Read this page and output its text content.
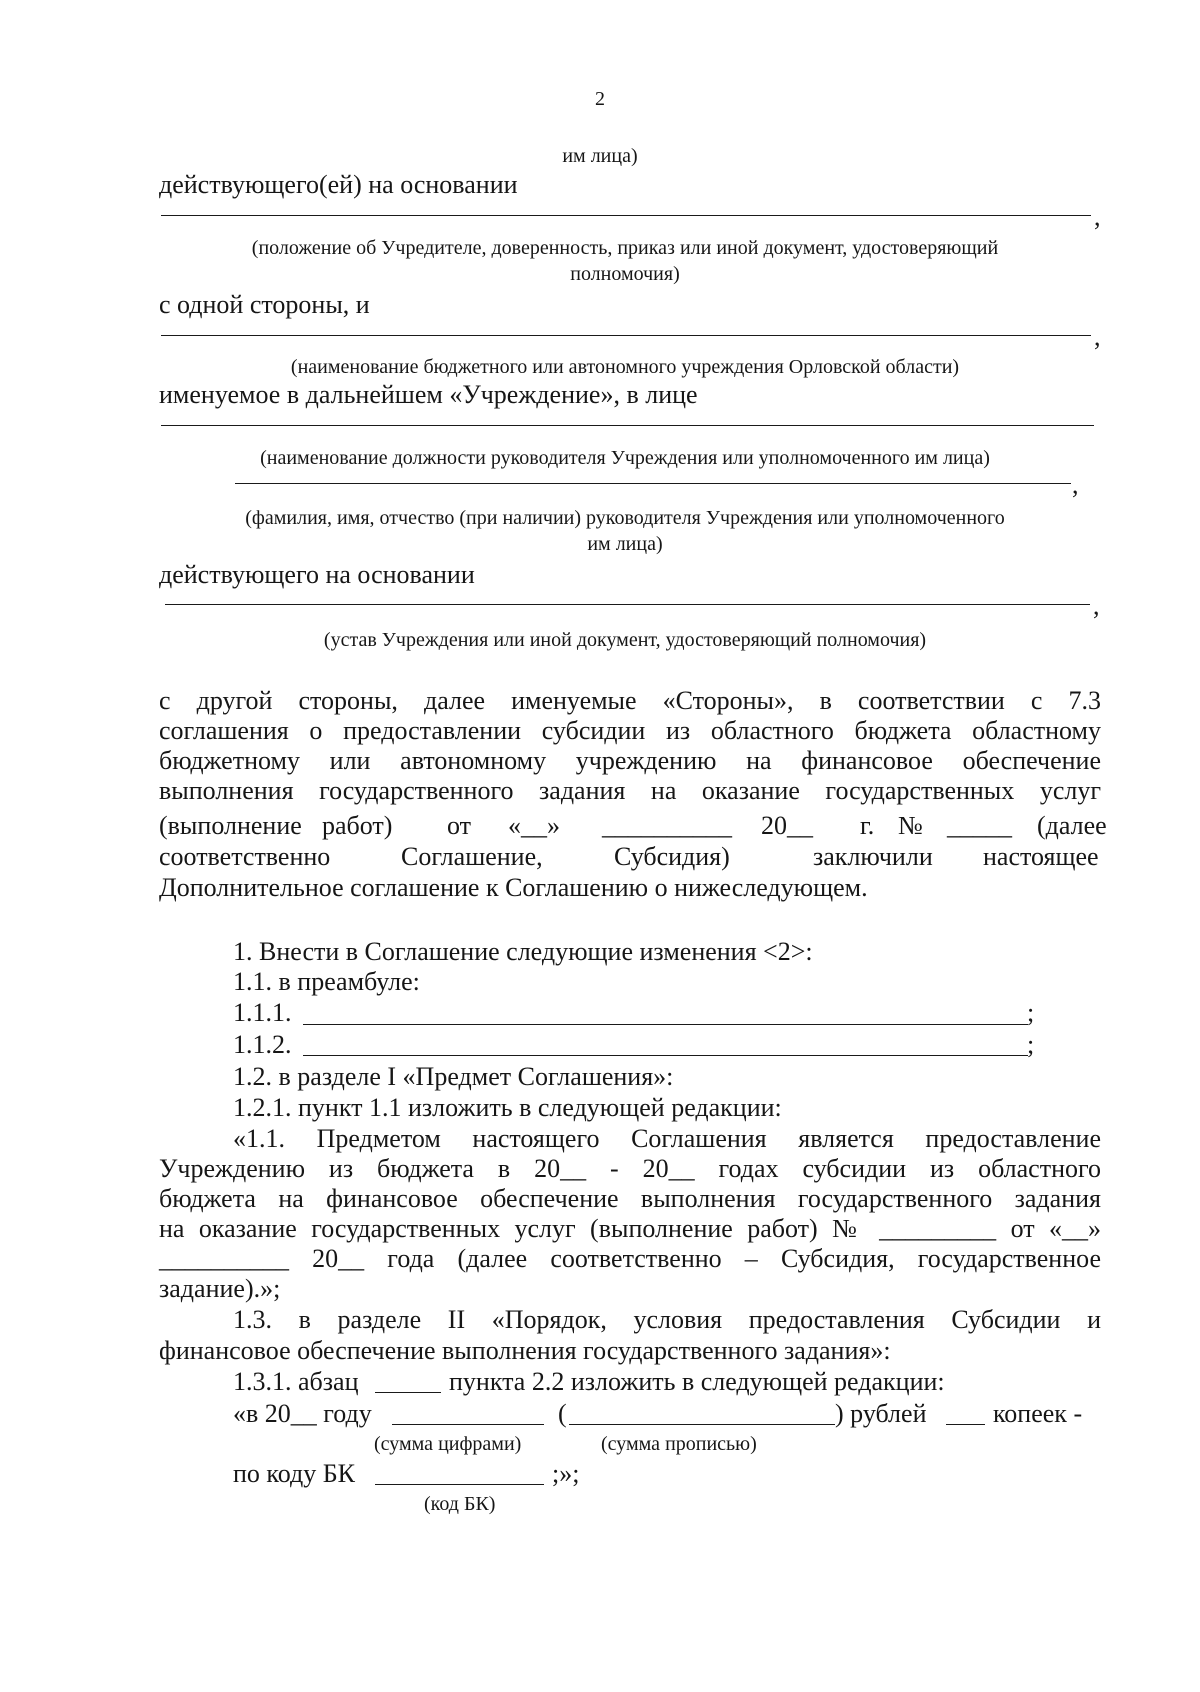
2
им лица)
действующего(ей) на основании
,
(положение об Учредителе, доверенность, приказ или иной документ, удостоверяющий
полномочия)
с одной стороны, и
,
(наименование бюджетного или автономного учреждения Орловской области)
именуемое в дальнейшем «Учреждение», в лице
(наименование должности руководителя Учреждения или уполномоченного им лица)
,
(фамилия, имя, отчество (при наличии) руководителя Учреждения или уполномоченного
им лица)
действующего на основании
,
(устав Учреждения или иной документ, удостоверяющий полномочия)
с другой стороны, далее именуемые «Стороны», в соответствии с 7.3
соглашения о предоставлении субсидии из областного бюджета областному
бюджетному или автономному учреждению на финансовое обеспечение
выполнения государственного задания на оказание государственных услуг
(выполнение работ) от «__» __________ 20__ г. № _____ (далее
соответственно	Соглашение,	Субсидия)	заключили настоящее
Дополнительное соглашение к Соглашению о нижеследующем.
1. Внести в Соглашение следующие изменения <2>:
1.1. в преамбуле:
1.1.1.	;
1.1.2.	;
1.2. в разделе I «Предмет Соглашения»:
1.2.1. пункт 1.1 изложить в следующей редакции:
«1.1. Предметом настоящего Соглашения является предоставление
Учреждению из бюджета в 20__ - 20__ годах субсидии из областного
бюджета на финансовое обеспечение выполнения государственного задания
на оказание государственных услуг (выполнение работ) № _________ от «__»
__________ 20__ года (далее соответственно – Субсидия, государственное
задание).»;
1.3. в разделе II «Порядок, условия предоставления Субсидии и
финансовое обеспечение выполнения государственного задания»:
1.3.1. абзац	пункта 2.2 изложить в следующей редакции:
«в 20__ году	(	) рублей	копеек -
(сумма цифрами)	(сумма прописью)
по коду БК	;»;
(код БК)
